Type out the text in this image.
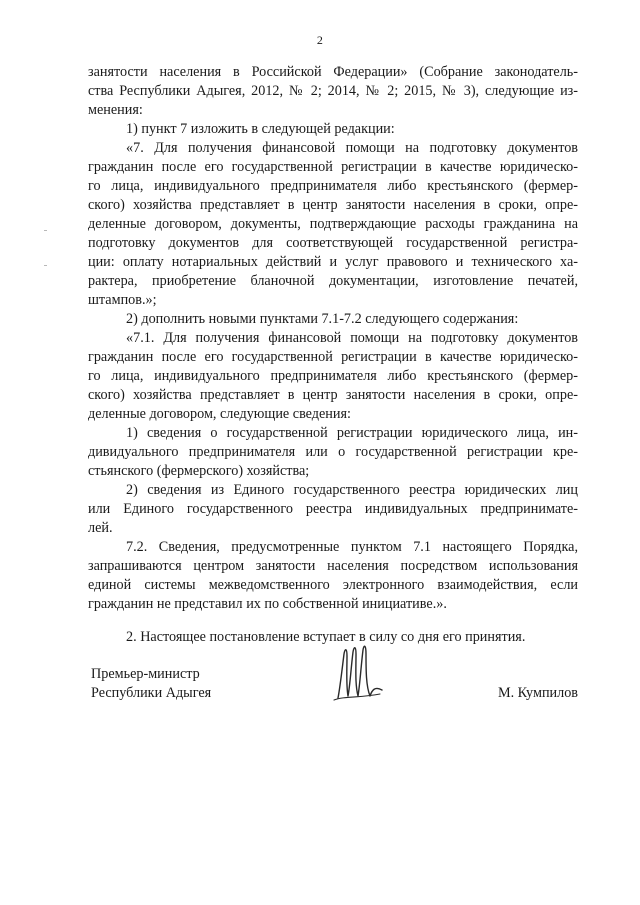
2
занятости населения в Российской Федерации» (Собрание законодатель-
ства Республики Адыгея, 2012, № 2; 2014, № 2; 2015, № 3), следующие из-
менения:
1) пункт 7 изложить в следующей редакции:
«7. Для получения финансовой помощи на подготовку документов
гражданин после его государственной регистрации в качестве юридическо-
го лица, индивидуального предпринимателя либо крестьянского (фермер-
ского) хозяйства представляет в центр занятости населения в сроки, опре-
деленные договором, документы, подтверждающие расходы гражданина на
подготовку документов для соответствующей государственной регистра-
ции: оплату нотариальных действий и услуг правового и технического ха-
рактера, приобретение бланочной документации, изготовление печатей,
штампов.»;
2) дополнить новыми пунктами 7.1-7.2 следующего содержания:
«7.1. Для получения финансовой помощи на подготовку документов
гражданин после его государственной регистрации в качестве юридическо-
го лица, индивидуального предпринимателя либо крестьянского (фермер-
ского) хозяйства представляет в центр занятости населения в сроки, опре-
деленные договором, следующие сведения:
1) сведения о государственной регистрации юридического лица, ин-
дивидуального предпринимателя или о государственной регистрации кре-
стьянского (фермерского) хозяйства;
2) сведения из Единого государственного реестра юридических лиц
или Единого государственного реестра индивидуальных предпринимате-
лей.
7.2. Сведения, предусмотренные пунктом 7.1 настоящего Порядка,
запрашиваются центром занятости населения посредством использования
единой системы межведомственного электронного взаимодействия, если
гражданин не представил их по собственной инициативе.».
2. Настоящее постановление вступает в силу со дня его принятия.
Премьер-министр
Республики Адыгея	М. Кумпилов
